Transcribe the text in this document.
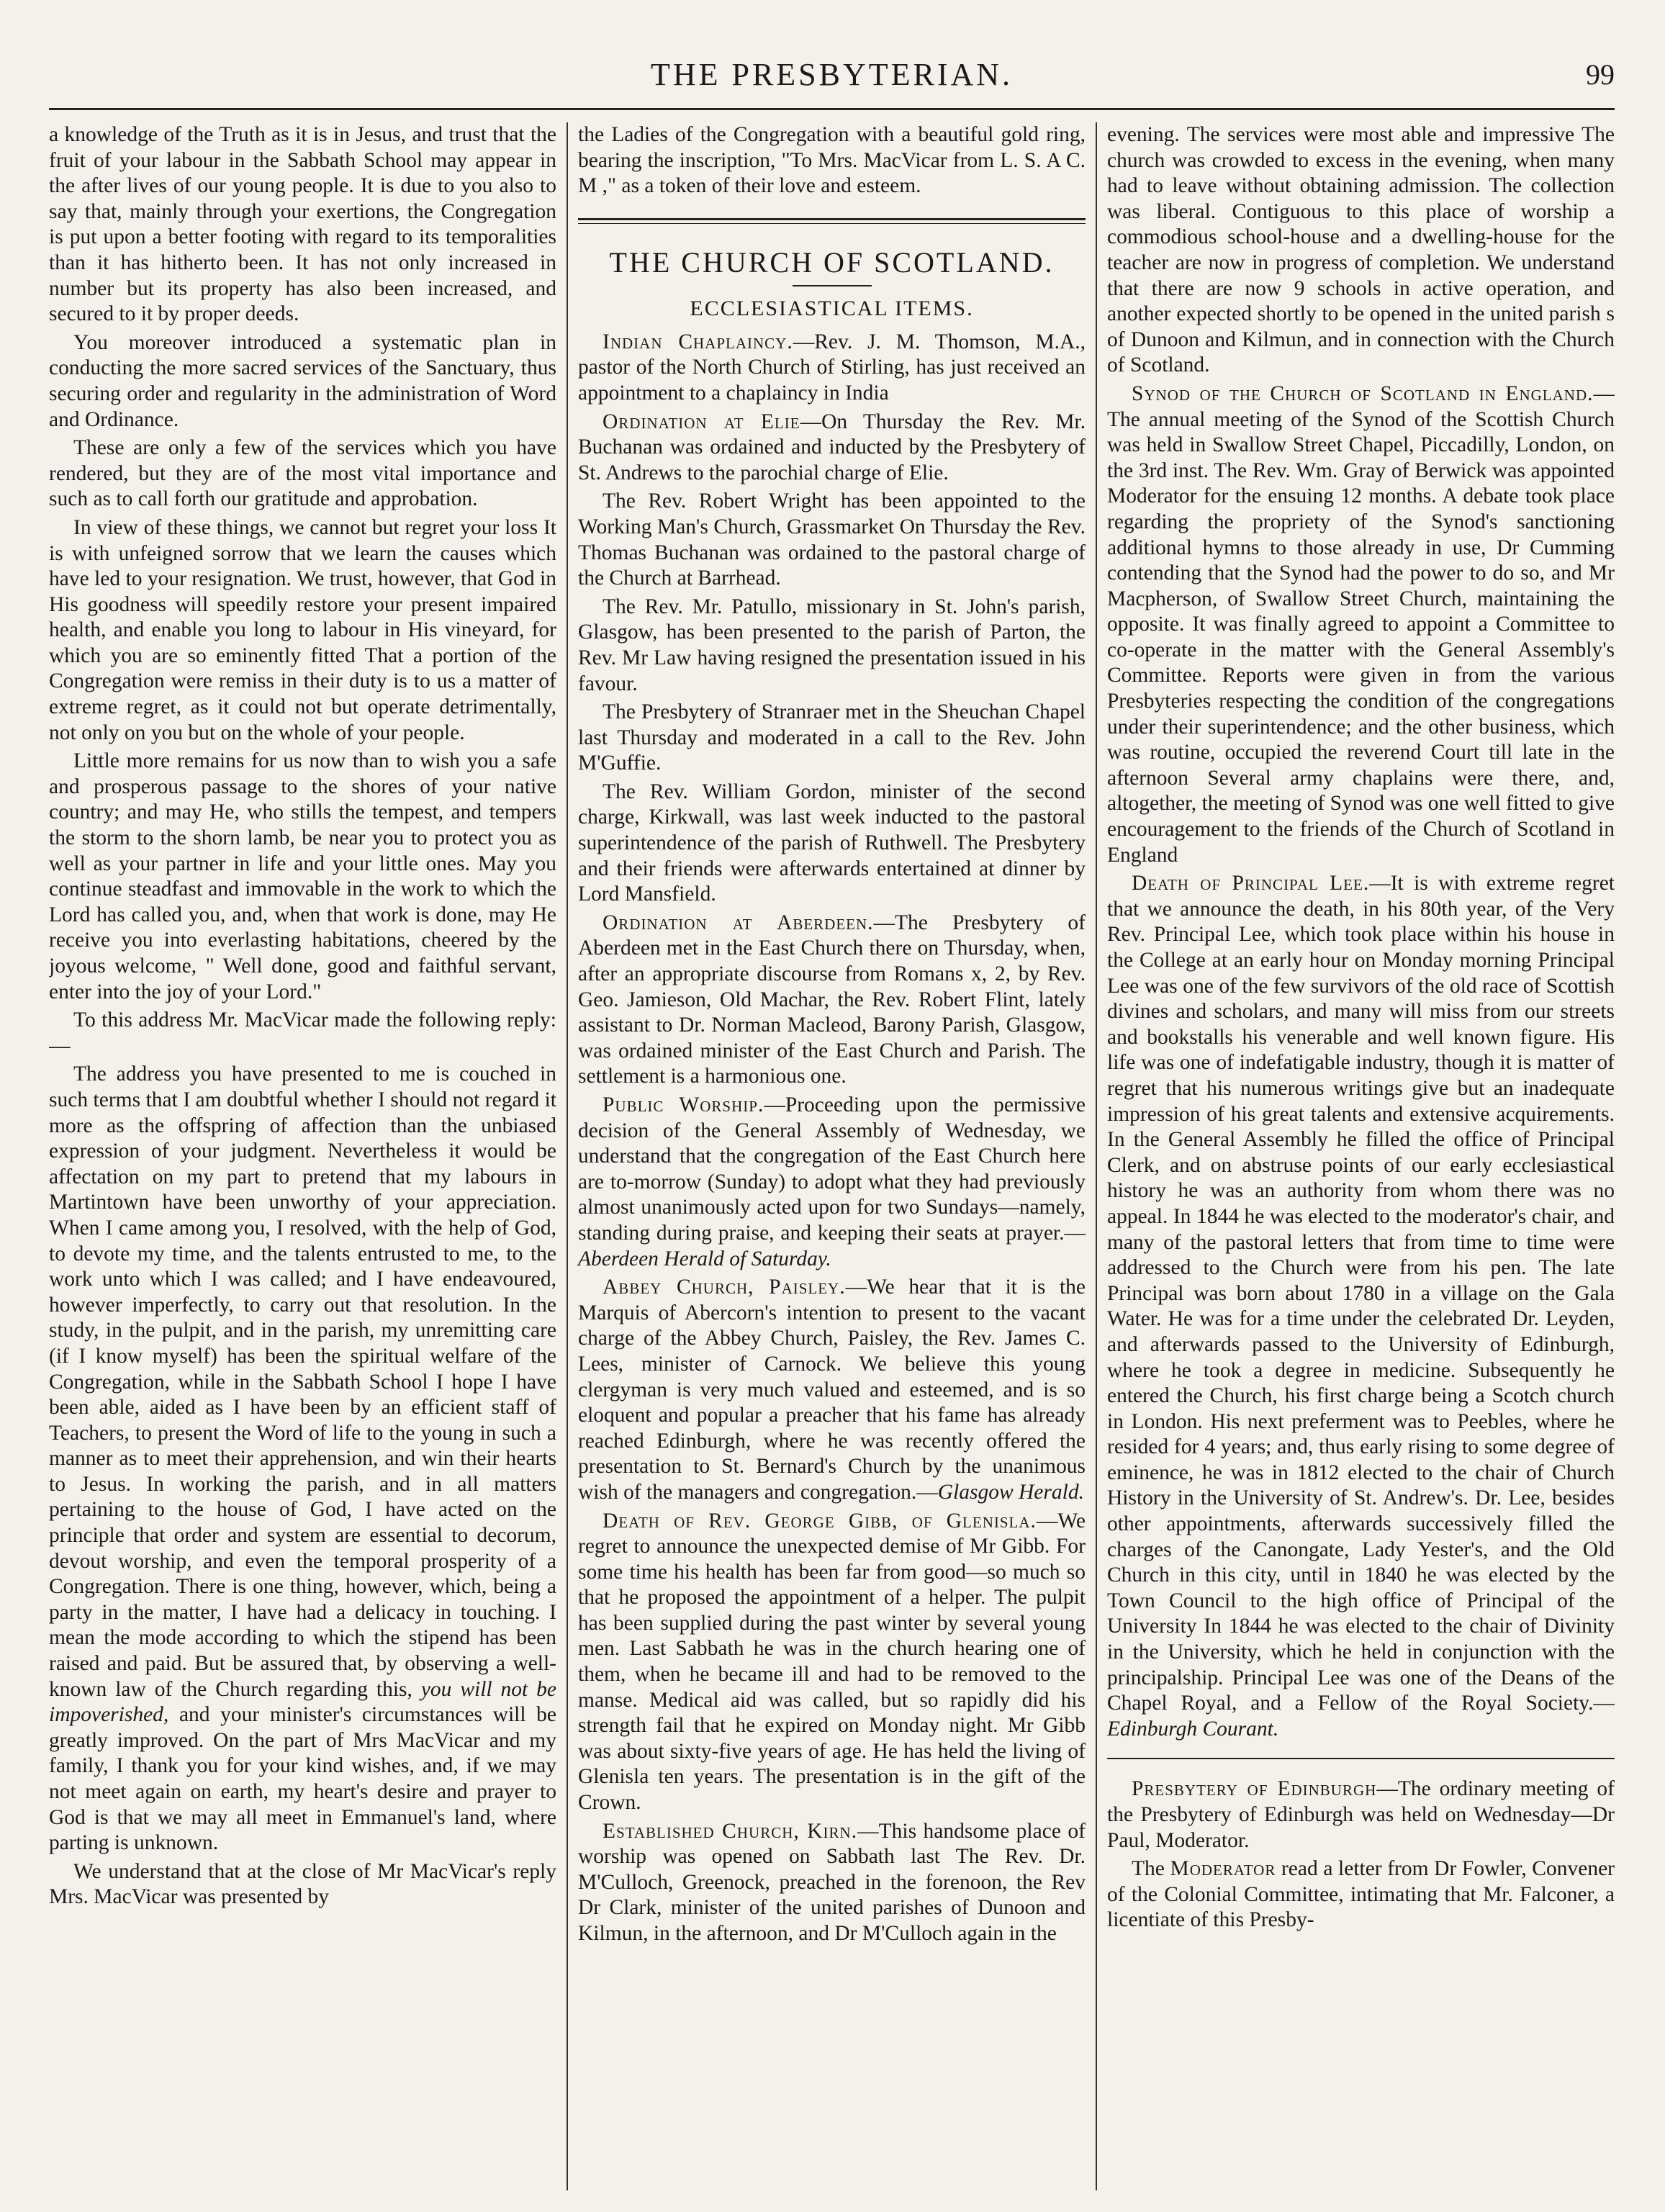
THE PRESBYTERIAN.	99

a knowledge of the Truth as it is in Jesus, and trust that the fruit of your labour in the Sabbath School may appear in the after lives of our young people. It is due to you also to say that, mainly through your exertions, the Congregation is put upon a better footing with regard to its temporalities than it has hitherto been. It has not only increased in number but its property has also been increased, and secured to it by proper deeds.

You moreover introduced a systematic plan in conducting the more sacred services of the Sanctuary, thus securing order and regularity in the administration of Word and Ordinance.

These are only a few of the services which you have rendered, but they are of the most vital importance and such as to call forth our gratitude and approbation.

In view of these things, we cannot but regret your loss It is with unfeigned sorrow that we learn the causes which have led to your resignation. We trust, however, that God in His goodness will speedily restore your present impaired health, and enable you long to labour in His vineyard, for which you are so eminently fitted That a portion of the Congregation were remiss in their duty is to us a matter of extreme regret, as it could not but operate detrimentally, not only on you but on the whole of your people.

Little more remains for us now than to wish you a safe and prosperous passage to the shores of your native country; and may He, who stills the tempest, and tempers the storm to the shorn lamb, be near you to protect you as well as your partner in life and your little ones. May you continue steadfast and immovable in the work to which the Lord has called you, and, when that work is done, may He receive you into everlasting habitations, cheered by the joyous welcome, " Well done, good and faithful servant, enter into the joy of your Lord."

To this address Mr. MacVicar made the following reply:—

The address you have presented to me is couched in such terms that I am doubtful whether I should not regard it more as the offspring of affection than the unbiased expression of your judgment. Nevertheless it would be affectation on my part to pretend that my labours in Martintown have been unworthy of your appreciation. When I came among you, I resolved, with the help of God, to devote my time, and the talents entrusted to me, to the work unto which I was called; and I have endeavoured, however imperfectly, to carry out that resolution. In the study, in the pulpit, and in the parish, my unremitting care (if I know myself) has been the spiritual welfare of the Congregation, while in the Sabbath School I hope I have been able, aided as I have been by an efficient staff of Teachers, to present the Word of life to the young in such a manner as to meet their apprehension, and win their hearts to Jesus. In working the parish, and in all matters pertaining to the house of God, I have acted on the principle that order and system are essential to decorum, devout worship, and even the temporal prosperity of a Congregation. There is one thing, however, which, being a party in the matter, I have had a delicacy in touching. I mean the mode according to which the stipend has been raised and paid. But be assured that, by observing a well-known law of the Church regarding this, you will not be impoverished, and your minister's circumstances will be greatly improved. On the part of Mrs MacVicar and my family, I thank you for your kind wishes, and, if we may not meet again on earth, my heart's desire and prayer to God is that we may all meet in Emmanuel's land, where parting is unknown.

We understand that at the close of Mr MacVicar's reply Mrs. MacVicar was presented by

the Ladies of the Congregation with a beautiful gold ring, bearing the inscription, "To Mrs. MacVicar from L. S. A C. M ," as a token of their love and esteem.

THE CHURCH OF SCOTLAND.
ECCLESIASTICAL ITEMS.

Indian Chaplaincy.—Rev. J. M. Thomson, M.A., pastor of the North Church of Stirling, has just received an appointment to a chaplaincy in India

Ordination at Elie—On Thursday the Rev. Mr. Buchanan was ordained and inducted by the Presbytery of St. Andrews to the parochial charge of Elie.

The Rev. Robert Wright has been appointed to the Working Man's Church, Grassmarket On Thursday the Rev. Thomas Buchanan was ordained to the pastoral charge of the Church at Barrhead.

The Rev. Mr. Patullo, missionary in St. John's parish, Glasgow, has been presented to the parish of Parton, the Rev. Mr Law having resigned the presentation issued in his favour.

The Presbytery of Stranraer met in the Sheuchan Chapel last Thursday and moderated in a call to the Rev. John M'Guffie.

The Rev. William Gordon, minister of the second charge, Kirkwall, was last week inducted to the pastoral superintendence of the parish of Ruthwell. The Presbytery and their friends were afterwards entertained at dinner by Lord Mansfield.

Ordination at Aberdeen.—The Presbytery of Aberdeen met in the East Church there on Thursday, when, after an appropriate discourse from Romans x, 2, by Rev. Geo. Jamieson, Old Machar, the Rev. Robert Flint, lately assistant to Dr. Norman Macleod, Barony Parish, Glasgow, was ordained minister of the East Church and Parish. The settlement is a harmonious one.

Public Worship.—Proceeding upon the permissive decision of the General Assembly of Wednesday, we understand that the congregation of the East Church here are to-morrow (Sunday) to adopt what they had previously almost unanimously acted upon for two Sundays—namely, standing during praise, and keeping their seats at prayer.—Aberdeen Herald of Saturday.

Abbey Church, Paisley.—We hear that it is the Marquis of Abercorn's intention to present to the vacant charge of the Abbey Church, Paisley, the Rev. James C. Lees, minister of Carnock. We believe this young clergyman is very much valued and esteemed, and is so eloquent and popular a preacher that his fame has already reached Edinburgh, where he was recently offered the presentation to St. Bernard's Church by the unanimous wish of the managers and congregation.—Glasgow Herald.

Death of Rev. George Gibb, of Glenisla.—We regret to announce the unexpected demise of Mr Gibb. For some time his health has been far from good—so much so that he proposed the appointment of a helper. The pulpit has been supplied during the past winter by several young men. Last Sabbath he was in the church hearing one of them, when he became ill and had to be removed to the manse. Medical aid was called, but so rapidly did his strength fail that he expired on Monday night. Mr Gibb was about sixty-five years of age. He has held the living of Glenisla ten years. The presentation is in the gift of the Crown.

Established Church, Kirn.—This handsome place of worship was opened on Sabbath last The Rev. Dr. M'Culloch, Greenock, preached in the forenoon, the Rev Dr Clark, minister of the united parishes of Dunoon and Kilmun, in the afternoon, and Dr M'Culloch again in the

evening. The services were most able and impressive The church was crowded to excess in the evening, when many had to leave without obtaining admission. The collection was liberal. Contiguous to this place of worship a commodious school-house and a dwelling-house for the teacher are now in progress of completion. We understand that there are now 9 schools in active operation, and another expected shortly to be opened in the united parish s of Dunoon and Kilmun, and in connection with the Church of Scotland.

Synod of the Church of Scotland in England.—The annual meeting of the Synod of the Scottish Church was held in Swallow Street Chapel, Piccadilly, London, on the 3rd inst. The Rev. Wm. Gray of Berwick was appointed Moderator for the ensuing 12 months. A debate took place regarding the propriety of the Synod's sanctioning additional hymns to those already in use, Dr Cumming contending that the Synod had the power to do so, and Mr Macpherson, of Swallow Street Church, maintaining the opposite. It was finally agreed to appoint a Committee to co-operate in the matter with the General Assembly's Committee. Reports were given in from the various Presbyteries respecting the condition of the congregations under their superintendence; and the other business, which was routine, occupied the reverend Court till late in the afternoon Several army chaplains were there, and, altogether, the meeting of Synod was one well fitted to give encouragement to the friends of the Church of Scotland in England

Death of Principal Lee.—It is with extreme regret that we announce the death, in his 80th year, of the Very Rev. Principal Lee, which took place within his house in the College at an early hour on Monday morning Principal Lee was one of the few survivors of the old race of Scottish divines and scholars, and many will miss from our streets and bookstalls his venerable and well known figure. His life was one of indefatigable industry, though it is matter of regret that his numerous writings give but an inadequate impression of his great talents and extensive acquirements. In the General Assembly he filled the office of Principal Clerk, and on abstruse points of our early ecclesiastical history he was an authority from whom there was no appeal. In 1844 he was elected to the moderator's chair, and many of the pastoral letters that from time to time were addressed to the Church were from his pen. The late Principal was born about 1780 in a village on the Gala Water. He was for a time under the celebrated Dr. Leyden, and afterwards passed to the University of Edinburgh, where he took a degree in medicine. Subsequently he entered the Church, his first charge being a Scotch church in London. His next preferment was to Peebles, where he resided for 4 years; and, thus early rising to some degree of eminence, he was in 1812 elected to the chair of Church History in the University of St. Andrew's. Dr. Lee, besides other appointments, afterwards successively filled the charges of the Canongate, Lady Yester's, and the Old Church in this city, until in 1840 he was elected by the Town Council to the high office of Principal of the University In 1844 he was elected to the chair of Divinity in the University, which he held in conjunction with the principalship. Principal Lee was one of the Deans of the Chapel Royal, and a Fellow of the Royal Society.—Edinburgh Courant.

Presbytery of Edinburgh—The ordinary meeting of the Presbytery of Edinburgh was held on Wednesday—Dr Paul, Moderator.

The Moderator read a letter from Dr Fowler, Convener of the Colonial Committee, intimating that Mr. Falconer, a licentiate of this Presby-
